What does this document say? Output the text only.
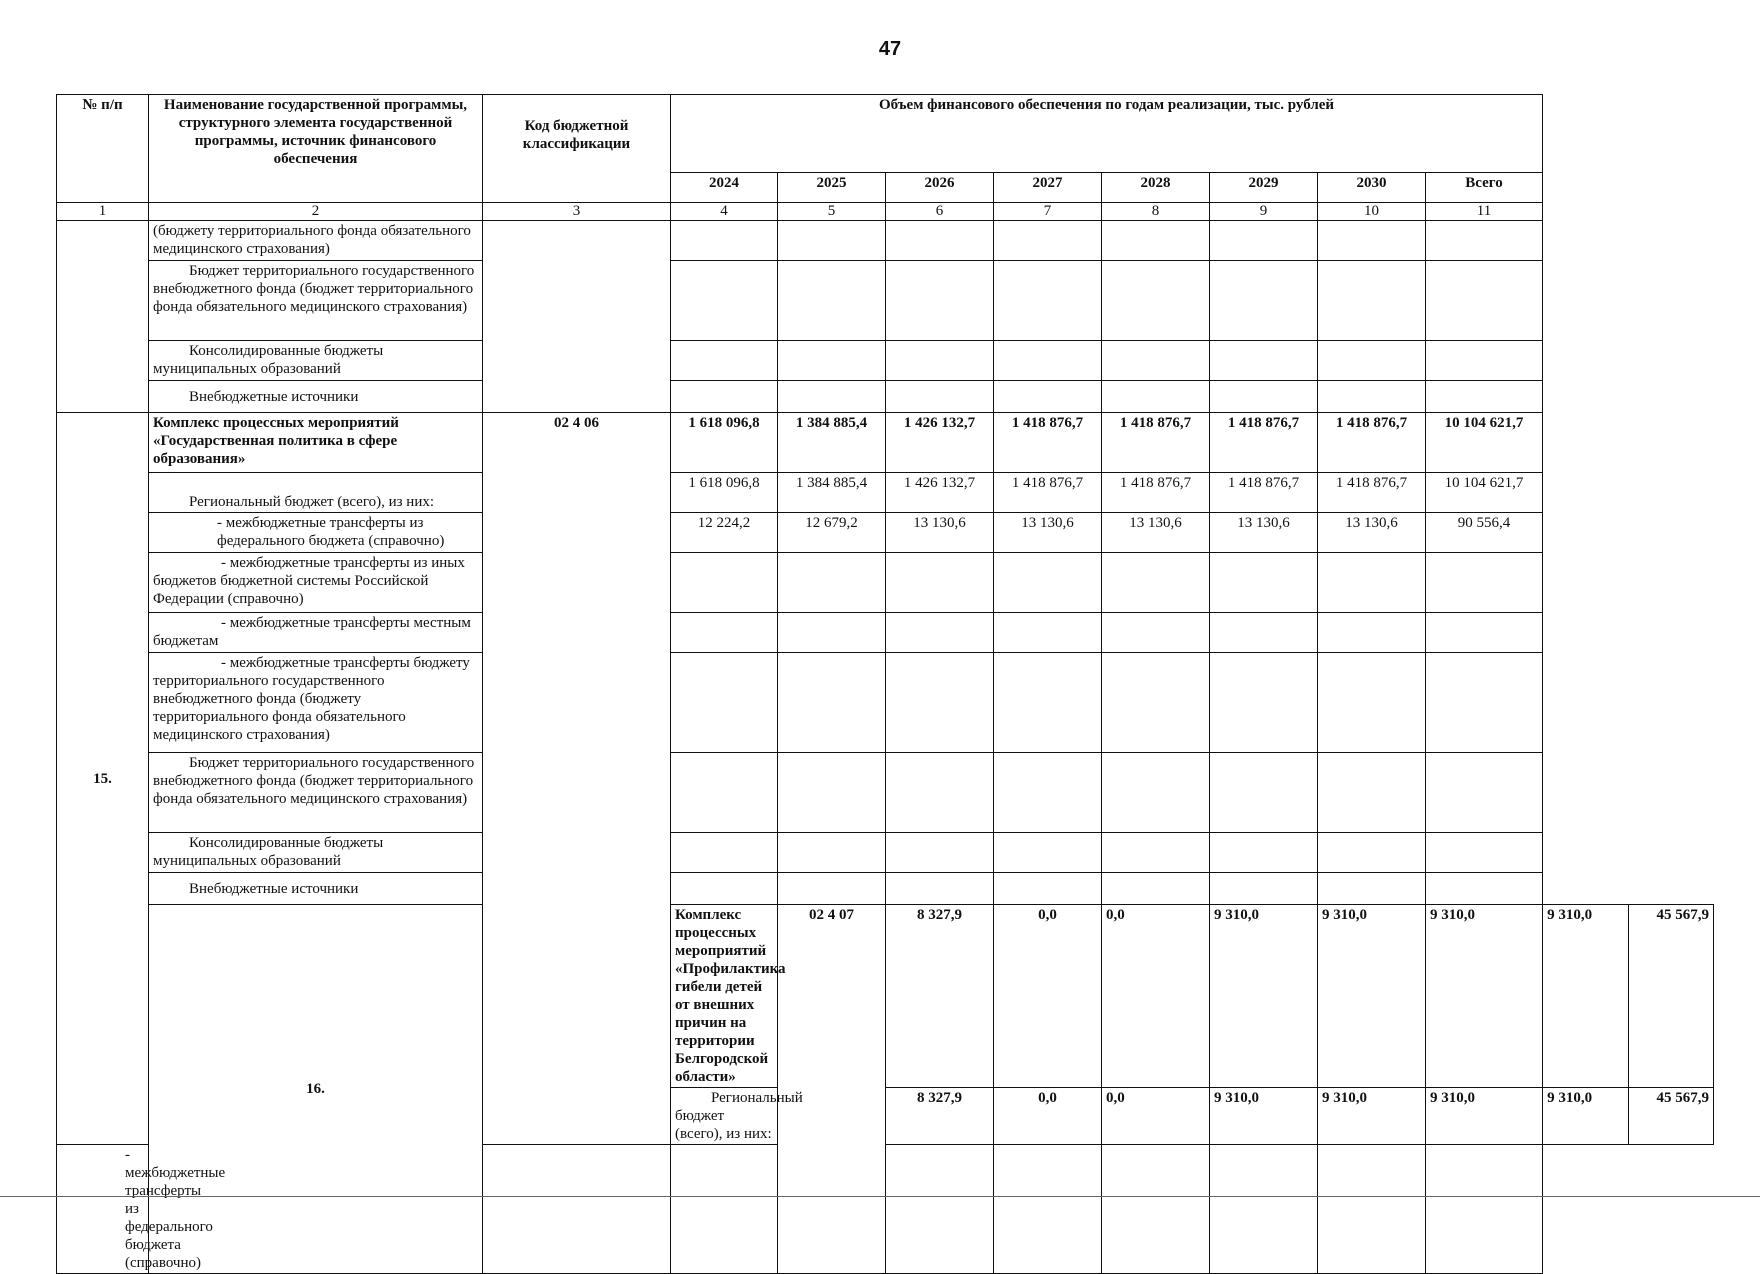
47
№ п/п	Наименование государственной программы, структурного элемента государственной программы, источник финансового обеспечения	Код бюджетной классификации	Объем финансового обеспечения по годам реализации, тыс. рублей									
			2024	2025	2026	2027	2028	2029	2030	Всего		
1	2	3	4	5	6	7	8	9	10	11		
	(бюджету территориального фонда обязательного медицинского страхования)											
	Бюджет территориального государственного внебюджетного фонда (бюджет территориального фонда обязательного медицинского страхования)											
	Консолидированные бюджеты муниципальных образований											
	Внебюджетные источники											
15.	Комплекс процессных мероприятий «Государственная политика в сфере образования»	02 4 06	1 618 096,8	1 384 885,4	1 426 132,7	1 418 876,7	1 418 876,7	1 418 876,7	1 418 876,7	10 104 621,7		
	Региональный бюджет (всего), из них:		1 618 096,8	1 384 885,4	1 426 132,7	1 418 876,7	1 418 876,7	1 418 876,7	1 418 876,7	10 104 621,7		

	- межбюджетные трансферты из федерального бюджета (справочно)		12 224,2	12 679,2	13 130,6	13 130,6	13 130,6	13 130,6	13 130,6	90 556,4		
	- межбюджетные трансферты из иных бюджетов бюджетной системы Российской Федерации (справочно)											
	- межбюджетные трансферты местным бюджетам											
	- межбюджетные трансферты бюджету территориального государственного внебюджетного фонда (бюджету территориального фонда обязательного медицинского страхования)											
	Бюджет территориального государственного внебюджетного фонда (бюджет территориального фонда обязательного медицинского страхования)											
	Консолидированные бюджеты муниципальных образований											
	Внебюджетные источники											
	16.		Комплекс процессных мероприятий «Профилактика гибели детей от внешних причин на территории Белгородской области»	02 4 07	8 327,9	0,0	0,0	9 310,0	9 310,0	9 310,0	9 310,0	45 567,9
			Региональный бюджет (всего), из них:		8 327,9	0,0	0,0	9 310,0	9 310,0	9 310,0	9 310,0	45 567,9

- межбюджетные трансферты из федерального бюджета (справочно)												
